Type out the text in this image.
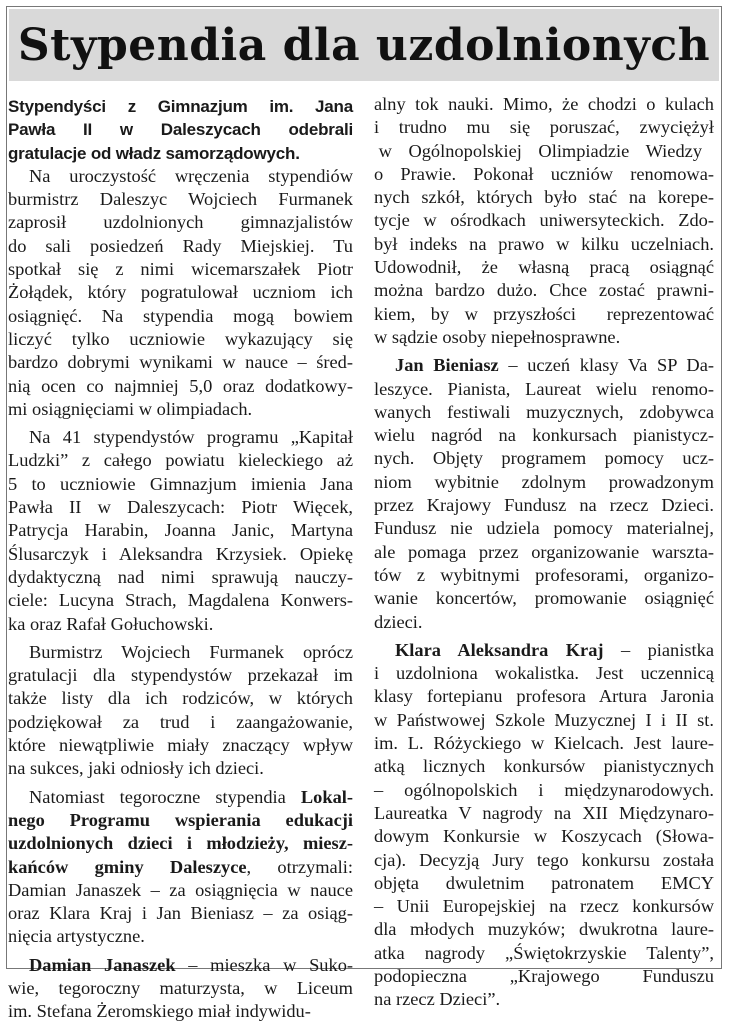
Stypendia dla uzdolnionych
Stypendyści z Gimnazjum im. Jana
Pawła II w Daleszycach odebrali
gratulacje od władz samorządowych.
Na uroczystość wręczenia stypendiów
burmistrz Daleszyc Wojciech Furmanek
zaprosił uzdolnionych gimnazjalistów
do sali posiedzeń Rady Miejskiej. Tu
spotkał się z nimi wicemarszałek Piotr
Żołądek, który pogratulował uczniom ich
osiągnięć. Na stypendia mogą bowiem
liczyć tylko uczniowie wykazujący się
bardzo dobrymi wynikami w nauce – śred-
nią ocen co najmniej 5,0 oraz dodatkowy-
mi osiągnięciami w olimpiadach.
Na 41 stypendystów programu „Kapitał
Ludzki” z całego powiatu kieleckiego aż
5 to uczniowie Gimnazjum imienia Jana
Pawła II w Daleszycach: Piotr Więcek,
Patrycja Harabin, Joanna Janic, Martyna
Ślusarczyk i Aleksandra Krzysiek. Opiekę
dydaktyczną nad nimi sprawują nauczy-
ciele: Lucyna Strach, Magdalena Konwers-
ka oraz Rafał Gołuchowski.
Burmistrz Wojciech Furmanek oprócz
gratulacji dla stypendystów przekazał im
także listy dla ich rodziców, w których
podziękował za trud i zaangażowanie,
które niewątpliwie miały znaczący wpływ
na sukces, jaki odniosły ich dzieci.
Natomiast tegoroczne stypendia Lokal-
nego Programu wspierania edukacji
uzdolnionych dzieci i młodzieży, miesz-
kańców gminy Daleszyce, otrzymali:
Damian Janaszek – za osiągnięcia w nauce
oraz Klara Kraj i Jan Bieniasz – za osiąg-
nięcia artystyczne.
Damian Janaszek – mieszka w Suko-
wie, tegoroczny maturzysta, w Liceum
im. Stefana Żeromskiego miał indywidu-
alny tok nauki. Mimo, że chodzi o kulach
i trudno mu się poruszać, zwyciężył
w Ogólnopolskiej Olimpiadzie Wiedzy
o Prawie. Pokonał uczniów renomowa-
nych szkół, których było stać na korepe-
tycje w ośrodkach uniwersyteckich. Zdo-
był indeks na prawo w kilku uczelniach.
Udowodnił, że własną pracą osiągnąć
można bardzo dużo. Chce zostać prawni-
kiem, by w przyszłości  reprezentować
w sądzie osoby niepełnosprawne.
Jan Bieniasz – uczeń klasy Va SP Da-
leszyce. Pianista, Laureat wielu renomo-
wanych festiwali muzycznych, zdobywca
wielu nagród na konkursach pianistycz-
nych. Objęty programem pomocy ucz-
niom wybitnie zdolnym prowadzonym
przez Krajowy Fundusz na rzecz Dzieci.
Fundusz nie udziela pomocy materialnej,
ale pomaga przez organizowanie warszta-
tów z wybitnymi profesorami, organizo-
wanie koncertów, promowanie osiągnięć
dzieci.
Klara Aleksandra Kraj – pianistka
i uzdolniona wokalistka. Jest uczennicą
klasy fortepianu profesora Artura Jaronia
w Państwowej Szkole Muzycznej I i II st.
im. L. Różyckiego w Kielcach. Jest laure-
atką licznych konkursów pianistycznych
– ogólnopolskich i międzynarodowych.
Laureatka V nagrody na XII Międzynaro-
dowym Konkursie w Koszycach (Słowa-
cja). Decyzją Jury tego konkursu została
objęta dwuletnim patronatem EMCY
– Unii Europejskiej na rzecz konkursów
dla młodych muzyków; dwukrotna laure-
atka nagrody „Świętokrzyskie Talenty”,
podopieczna „Krajowego Funduszu
na rzecz Dzieci”.
